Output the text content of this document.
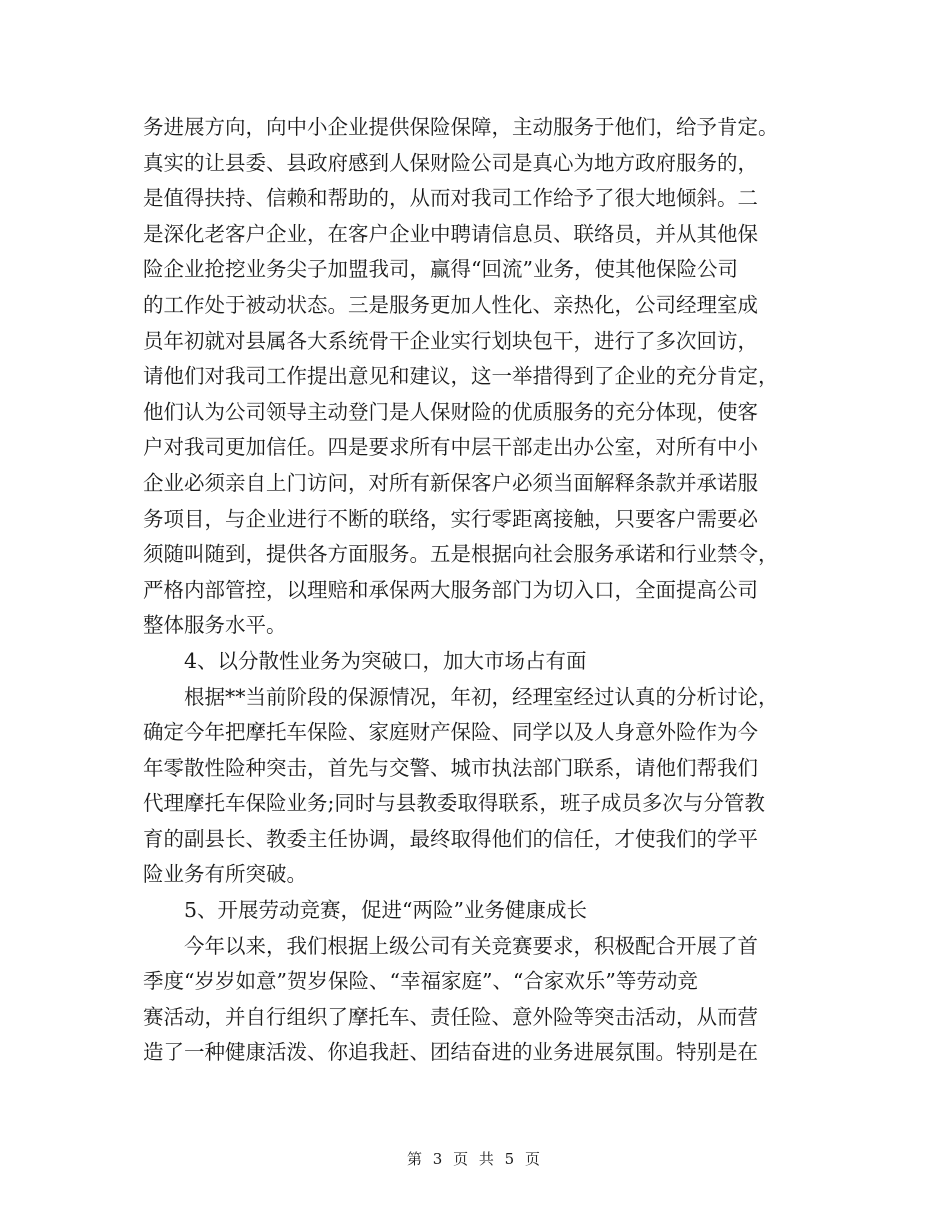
务进展方向，向中小企业提供保险保障，主动服务于他们，给予肯定。
真实的让县委、县政府感到人保财险公司是真心为地方政府服务的，
是值得扶持、信赖和帮助的，从而对我司工作给予了很大地倾斜。二
是深化老客户企业，在客户企业中聘请信息员、联络员，并从其他保
险企业抢挖业务尖子加盟我司，赢得“回流”业务，使其他保险公司
的工作处于被动状态。三是服务更加人性化、亲热化，公司经理室成
员年初就对县属各大系统骨干企业实行划块包干，进行了多次回访，
请他们对我司工作提出意见和建议，这一举措得到了企业的充分肯定，
他们认为公司领导主动登门是人保财险的优质服务的充分体现，使客
户对我司更加信任。四是要求所有中层干部走出办公室，对所有中小
企业必须亲自上门访问，对所有新保客户必须当面解释条款并承诺服
务项目，与企业进行不断的联络，实行零距离接触，只要客户需要必
须随叫随到，提供各方面服务。五是根据向社会服务承诺和行业禁令，
严格内部管控，以理赔和承保两大服务部门为切入口，全面提高公司
整体服务水平。
4、以分散性业务为突破口，加大市场占有面
根据**当前阶段的保源情况，年初，经理室经过认真的分析讨论，
确定今年把摩托车保险、家庭财产保险、同学以及人身意外险作为今
年零散性险种突击，首先与交警、城市执法部门联系，请他们帮我们
代理摩托车保险业务;同时与县教委取得联系，班子成员多次与分管教
育的副县长、教委主任协调，最终取得他们的信任，才使我们的学平
险业务有所突破。
5、开展劳动竞赛，促进“两险”业务健康成长
今年以来，我们根据上级公司有关竞赛要求，积极配合开展了首
季度“岁岁如意”贺岁保险、“幸福家庭”、“合家欢乐”等劳动竞
赛活动，并自行组织了摩托车、责任险、意外险等突击活动，从而营
造了一种健康活泼、你追我赶、团结奋进的业务进展氛围。特别是在
第 3 页 共 5 页
